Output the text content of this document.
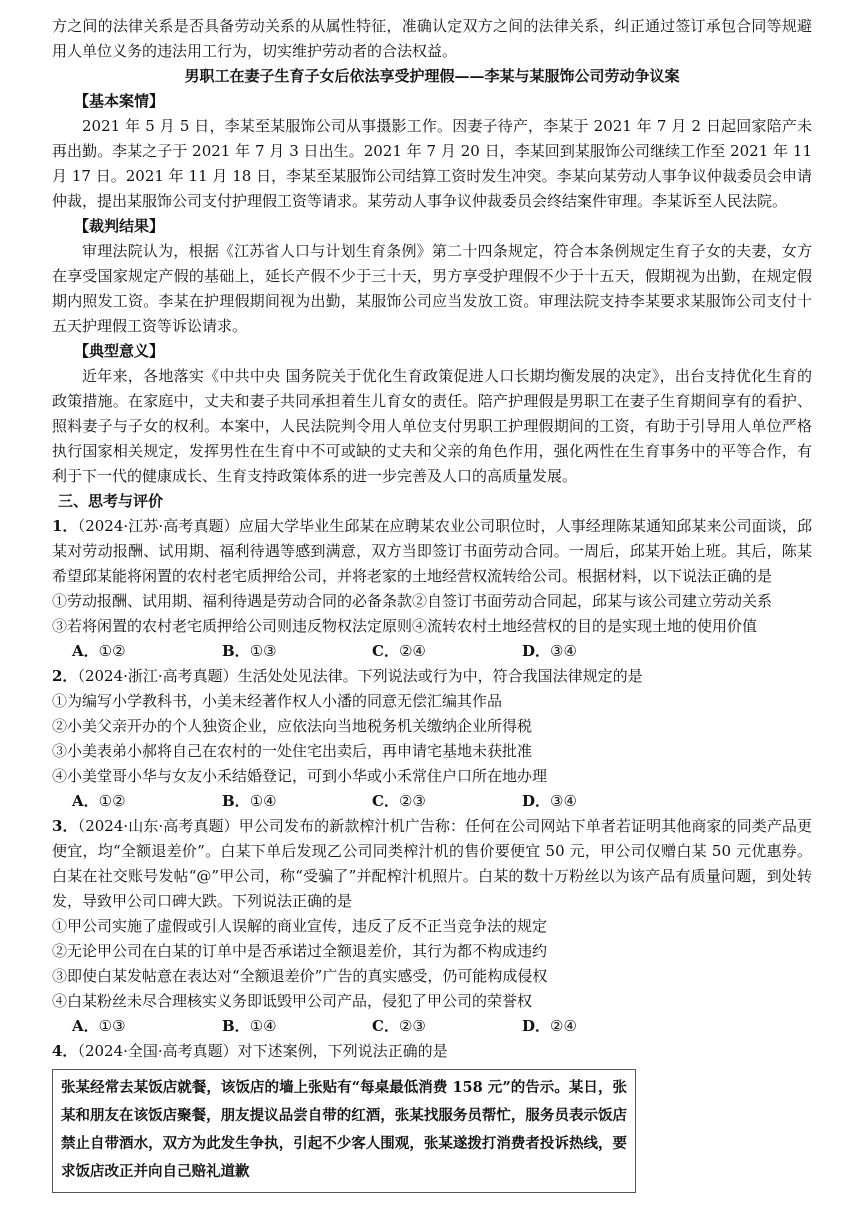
方之间的法律关系是否具备劳动关系的从属性特征，准确认定双方之间的法律关系，纠正通过签订承包合同等规避用人单位义务的违法用工行为，切实维护劳动者的合法权益。

男职工在妻子生育子女后依法享受护理假——李某与某服饰公司劳动争议案

【基本案情】

2021 年 5 月 5 日，李某至某服饰公司从事摄影工作。因妻子待产，李某于 2021 年 7 月 2 日起回家陪产未再出勤。李某之子于 2021 年 7 月 3 日出生。2021 年 7 月 20 日，李某回到某服饰公司继续工作至 2021 年 11 月 17 日。2021 年 11 月 18 日，李某至某服饰公司结算工资时发生冲突。李某向某劳动人事争议仲裁委员会申请仲裁，提出某服饰公司支付护理假工资等请求。某劳动人事争议仲裁委员会终结案件审理。李某诉至人民法院。

【裁判结果】

审理法院认为，根据《江苏省人口与计划生育条例》第二十四条规定，符合本条例规定生育子女的夫妻，女方在享受国家规定产假的基础上，延长产假不少于三十天，男方享受护理假不少于十五天，假期视为出勤，在规定假期内照发工资。李某在护理假期间视为出勤，某服饰公司应当发放工资。审理法院支持李某要求某服饰公司支付十五天护理假工资等诉讼请求。

【典型意义】

近年来，各地落实《中共中央 国务院关于优化生育政策促进人口长期均衡发展的决定》，出台支持优化生育的政策措施。在家庭中，丈夫和妻子共同承担着生儿育女的责任。陪产护理假是男职工在妻子生育期间享有的看护、照料妻子与子女的权利。本案中，人民法院判令用人单位支付男职工护理假期间的工资，有助于引导用人单位严格执行国家相关规定，发挥男性在生育中不可或缺的丈夫和父亲的角色作用，强化两性在生育事务中的平等合作，有利于下一代的健康成长、生育支持政策体系的进一步完善及人口的高质量发展。

三、思考与评价

1．（2024·江苏·高考真题）应届大学毕业生邱某在应聘某农业公司职位时，人事经理陈某通知邱某来公司面谈，邱某对劳动报酬、试用期、福利待遇等感到满意，双方当即签订书面劳动合同。一周后，邱某开始上班。其后，陈某希望邱某能将闲置的农村老宅质押给公司，并将老家的土地经营权流转给公司。根据材料，以下说法正确的是

①劳动报酬、试用期、福利待遇是劳动合同的必备条款②自签订书面劳动合同起，邱某与该公司建立劳动关系

③若将闲置的农村老宅质押给公司则违反物权法定原则④流转农村土地经营权的目的是实现土地的使用价值

A．①②	B．①③	C．②④	D．③④

2．（2024·浙江·高考真题）生活处处见法律。下列说法或行为中，符合我国法律规定的是

①为编写小学教科书，小美未经著作权人小潘的同意无偿汇编其作品

②小美父亲开办的个人独资企业，应依法向当地税务机关缴纳企业所得税

③小美表弟小郝将自己在农村的一处住宅出卖后，再申请宅基地未获批准

④小美堂哥小华与女友小禾结婚登记，可到小华或小禾常住户口所在地办理

A．①②	B．①④	C．②③	D．③④

3．（2024·山东·高考真题）甲公司发布的新款榨汁机广告称：任何在公司网站下单者若证明其他商家的同类产品更便宜，均“全额退差价”。白某下单后发现乙公司同类榨汁机的售价要便宜 50 元，甲公司仅赠白某 50 元优惠券。白某在社交账号发帖“@”甲公司，称“受骗了”并配榨汁机照片。白某的数十万粉丝以为该产品有质量问题，到处转发，导致甲公司口碑大跌。下列说法正确的是

①甲公司实施了虚假或引人误解的商业宣传，违反了反不正当竞争法的规定

②无论甲公司在白某的订单中是否承诺过全额退差价，其行为都不构成违约

③即使白某发帖意在表达对“全额退差价”广告的真实感受，仍可能构成侵权

④白某粉丝未尽合理核实义务即诋毁甲公司产品，侵犯了甲公司的荣誉权

A．①③	B．①④	C．②③	D．②④

4．（2024·全国·高考真题）对下述案例，下列说法正确的是

张某经常去某饭店就餐，该饭店的墙上张贴有“每桌最低消费 158 元”的告示。某日，张某和朋友在该饭店聚餐，朋友提议品尝自带的红酒，张某找服务员帮忙，服务员表示饭店禁止自带酒水，双方为此发生争执，引起不少客人围观，张某遂拨打消费者投诉热线，要求饭店改正并向自己赔礼道歉
